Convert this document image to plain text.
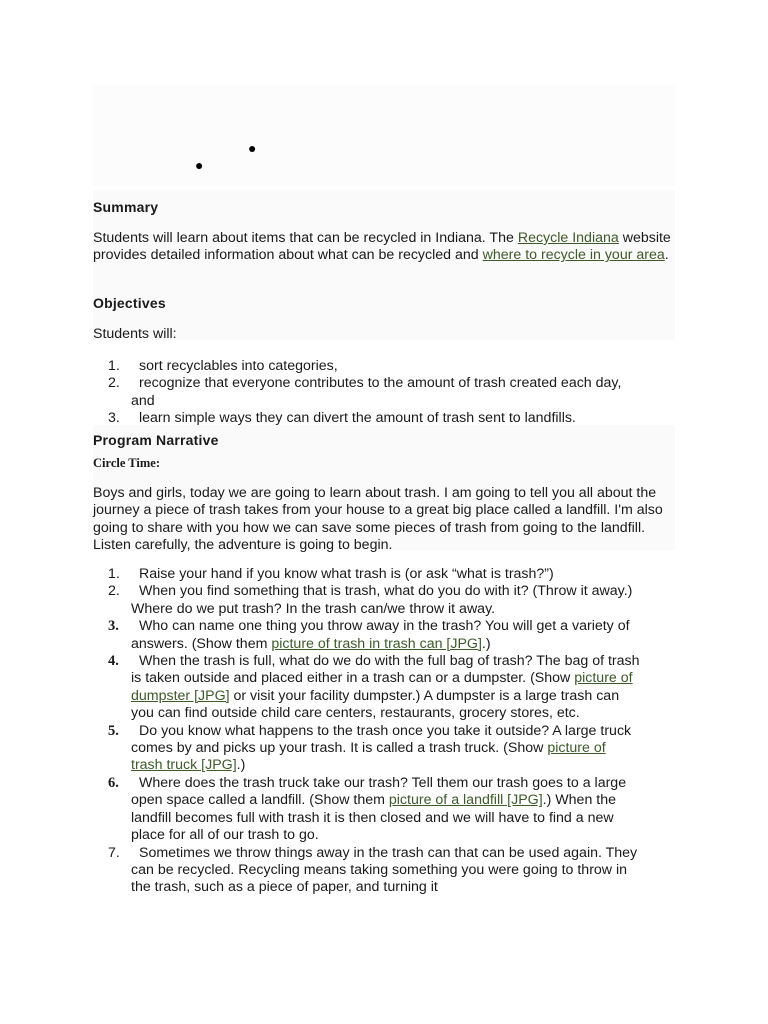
●
●
Summary

Students will learn about items that can be recycled in Indiana. The Recycle Indiana website provides detailed information about what can be recycled and where to recycle in your area.

Objectives

Students will:

1.	sort recyclables into categories,
2.	recognize that everyone contributes to the amount of trash created each day, and
3.	learn simple ways they can divert the amount of trash sent to landfills.
Program Narrative

Circle Time:

Boys and girls, today we are going to learn about trash. I am going to tell you all about the journey a piece of trash takes from your house to a great big place called a landfill. I'm also going to share with you how we can save some pieces of trash from going to the landfill. Listen carefully, the adventure is going to begin.

1.	Raise your hand if you know what trash is (or ask “what is trash?”)
2.	When you find something that is trash, what do you do with it? (Throw it away.) Where do we put trash? In the trash can/we throw it away.
3.	Who can name one thing you throw away in the trash? You will get a variety of answers. (Show them picture of trash in trash can [JPG].)
4.	When the trash is full, what do we do with the full bag of trash? The bag of trash is taken outside and placed either in a trash can or a dumpster. (Show picture of dumpster [JPG] or visit your facility dumpster.) A dumpster is a large trash can you can find outside child care centers, restaurants, grocery stores, etc.
5.	Do you know what happens to the trash once you take it outside? A large truck comes by and picks up your trash. It is called a trash truck. (Show picture of trash truck [JPG].)
6.	Where does the trash truck take our trash? Tell them our trash goes to a large open space called a landfill. (Show them picture of a landfill [JPG].) When the landfill becomes full with trash it is then closed and we will have to find a new place for all of our trash to go.
7.	Sometimes we throw things away in the trash can that can be used again. They can be recycled. Recycling means taking something you were going to throw in the trash, such as a piece of paper, and turning it
